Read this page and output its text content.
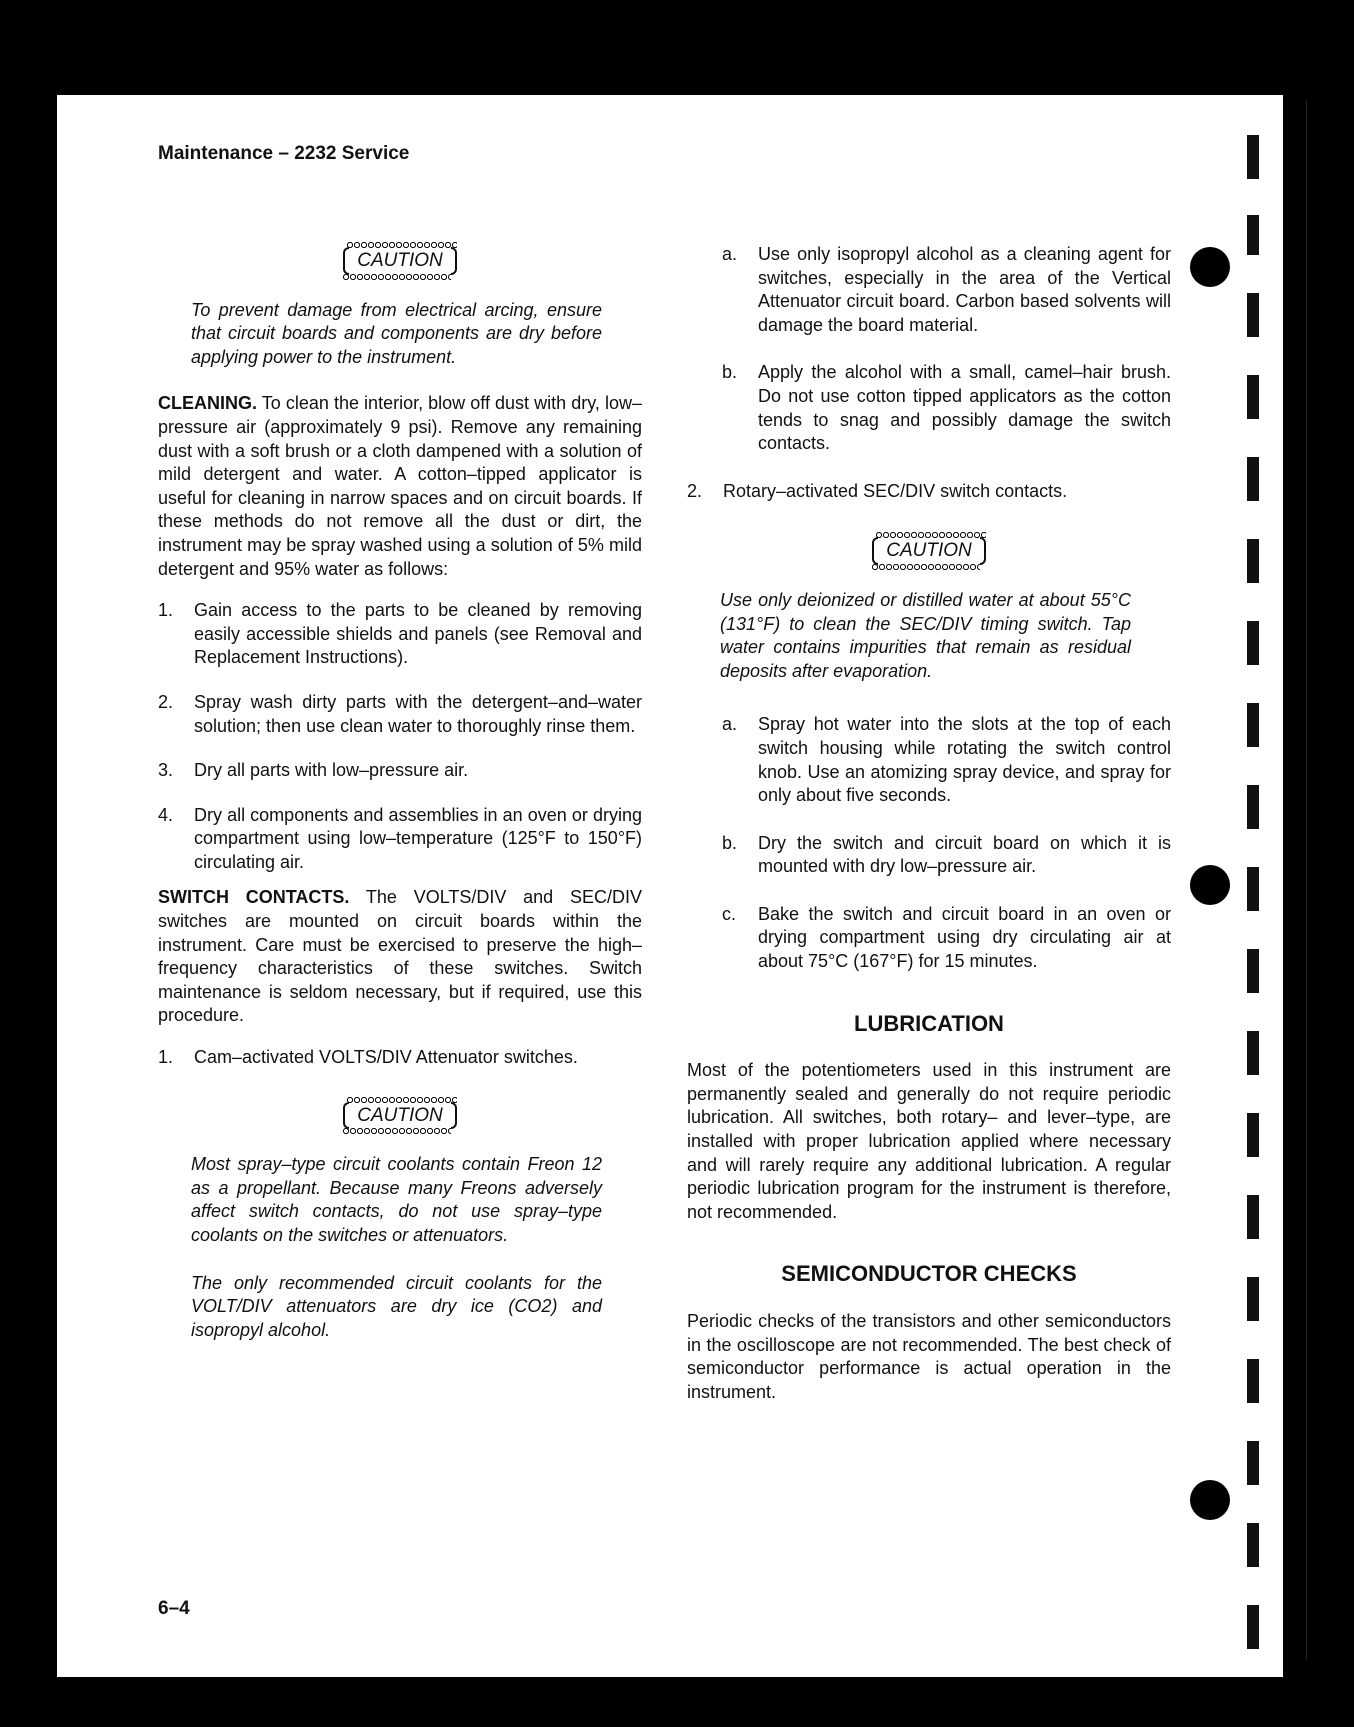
Maintenance – 2232 Service
CAUTION

To prevent damage from electrical arcing, ensure that circuit boards and components are dry before applying power to the instrument.

CLEANING. To clean the interior, blow off dust with dry, low–pressure air (approximately 9 psi). Remove any remaining dust with a soft brush or a cloth dampened with a solution of mild detergent and water. A cotton–tipped applicator is useful for cleaning in narrow spaces and on circuit boards. If these methods do not remove all the dust or dirt, the instrument may be spray washed using a solution of 5% mild detergent and 95% water as follows:

1.	Gain access to the parts to be cleaned by removing easily accessible shields and panels (see Removal and Replacement Instructions).
2.	Spray wash dirty parts with the detergent–and–water solution; then use clean water to thoroughly rinse them.
3.	Dry all parts with low–pressure air.
4.	Dry all components and assemblies in an oven or drying compartment using low–temperature (125°F to 150°F) circulating air.

SWITCH CONTACTS. The VOLTS/DIV and SEC/DIV switches are mounted on circuit boards within the instrument. Care must be exercised to preserve the high–frequency characteristics of these switches. Switch maintenance is seldom necessary, but if required, use this procedure.

1.	Cam–activated VOLTS/DIV Attenuator switches.
CAUTION

Most spray–type circuit coolants contain Freon 12 as a propellant. Because many Freons adversely affect switch contacts, do not use spray–type coolants on the switches or attenuators.

The only recommended circuit coolants for the VOLT/DIV attenuators are dry ice (CO2) and isopropyl alcohol.

a.	Use only isopropyl alcohol as a cleaning agent for switches, especially in the area of the Vertical Attenuator circuit board. Carbon based solvents will damage the board material.
b.	Apply the alcohol with a small, camel–hair brush. Do not use cotton tipped applicators as the cotton tends to snag and possibly damage the switch contacts.
2.	Rotary–activated SEC/DIV switch contacts.
CAUTION

Use only deionized or distilled water at about 55°C (131°F) to clean the SEC/DIV timing switch. Tap water contains impurities that remain as residual deposits after evaporation.

a.	Spray hot water into the slots at the top of each switch housing while rotating the switch control knob. Use an atomizing spray device, and spray for only about five seconds.
b.	Dry the switch and circuit board on which it is mounted with dry low–pressure air.
c.	Bake the switch and circuit board in an oven or drying compartment using dry circulating air at about 75°C (167°F) for 15 minutes.
LUBRICATION

Most of the potentiometers used in this instrument are permanently sealed and generally do not require periodic lubrication. All switches, both rotary– and lever–type, are installed with proper lubrication applied where necessary and will rarely require any additional lubrication. A regular periodic lubrication program for the instrument is therefore, not recommended.

SEMICONDUCTOR CHECKS

Periodic checks of the transistors and other semiconductors in the oscilloscope are not recommended. The best check of semiconductor performance is actual operation in the instrument.

6–4
